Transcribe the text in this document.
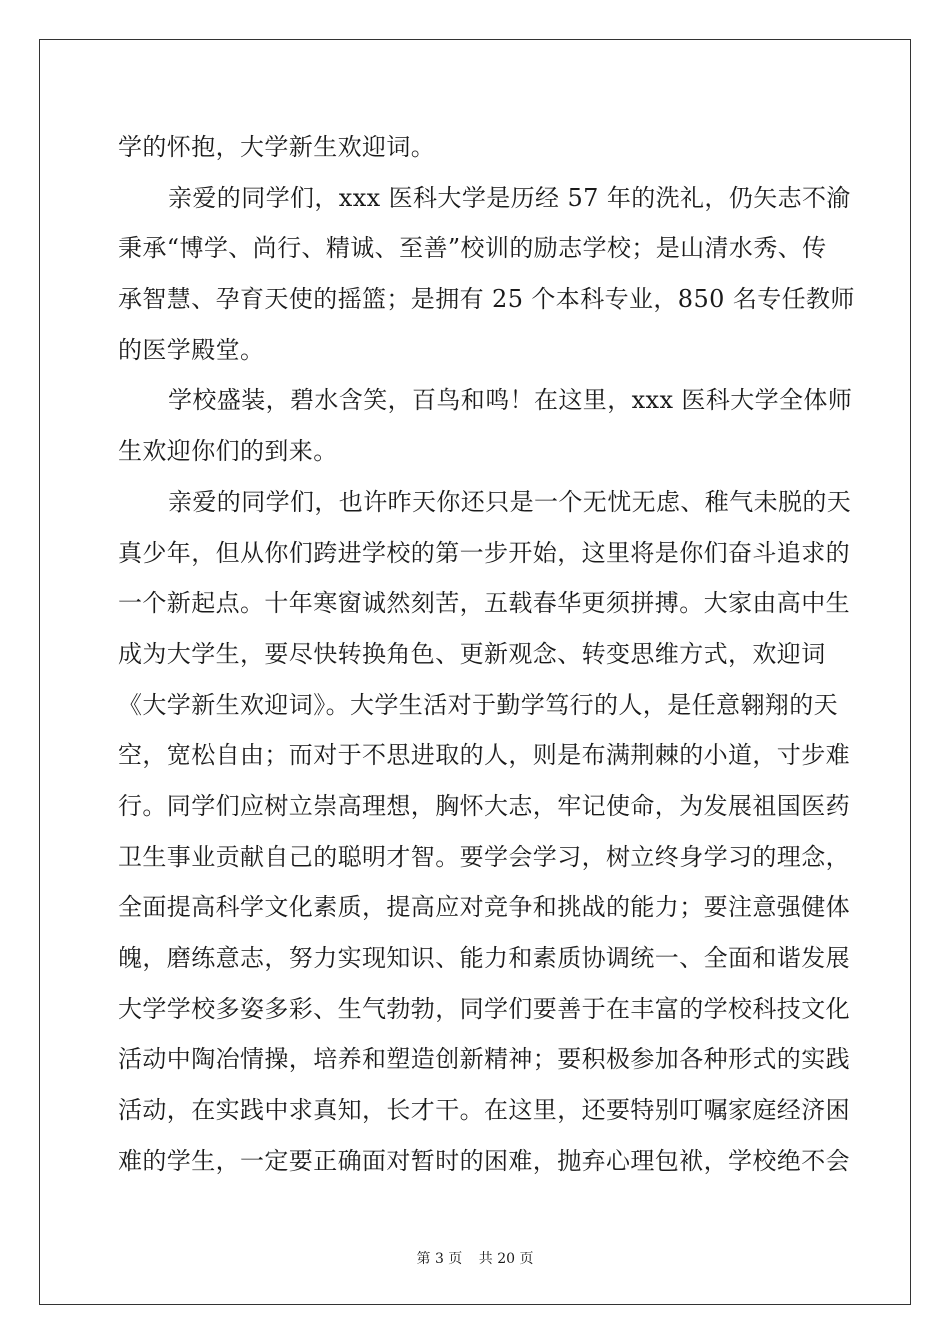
学的怀抱，大学新生欢迎词。
亲爱的同学们，xxx 医科大学是历经 57 年的洗礼，仍矢志不渝
秉承“博学、尚行、精诚、至善”校训的励志学校；是山清水秀、传
承智慧、孕育天使的摇篮；是拥有 25 个本科专业，850 名专任教师
的医学殿堂。
学校盛装，碧水含笑，百鸟和鸣！在这里，xxx 医科大学全体师
生欢迎你们的到来。
亲爱的同学们，也许昨天你还只是一个无忧无虑、稚气未脱的天
真少年，但从你们跨进学校的第一步开始，这里将是你们奋斗追求的
一个新起点。十年寒窗诚然刻苦，五载春华更须拼搏。大家由高中生
成为大学生，要尽快转换角色、更新观念、转变思维方式，欢迎词
《大学新生欢迎词》。大学生活对于勤学笃行的人，是任意翱翔的天
空，宽松自由；而对于不思进取的人，则是布满荆棘的小道，寸步难
行。同学们应树立崇高理想，胸怀大志，牢记使命，为发展祖国医药
卫生事业贡献自己的聪明才智。要学会学习，树立终身学习的理念，
全面提高科学文化素质，提高应对竞争和挑战的能力；要注意强健体
魄，磨练意志，努力实现知识、能力和素质协调统一、全面和谐发展
大学学校多姿多彩、生气勃勃，同学们要善于在丰富的学校科技文化
活动中陶冶情操，培养和塑造创新精神；要积极参加各种形式的实践
活动，在实践中求真知，长才干。在这里，还要特别叮嘱家庭经济困
难的学生，一定要正确面对暂时的困难，抛弃心理包袱，学校绝不会
第 3 页 共 20 页
